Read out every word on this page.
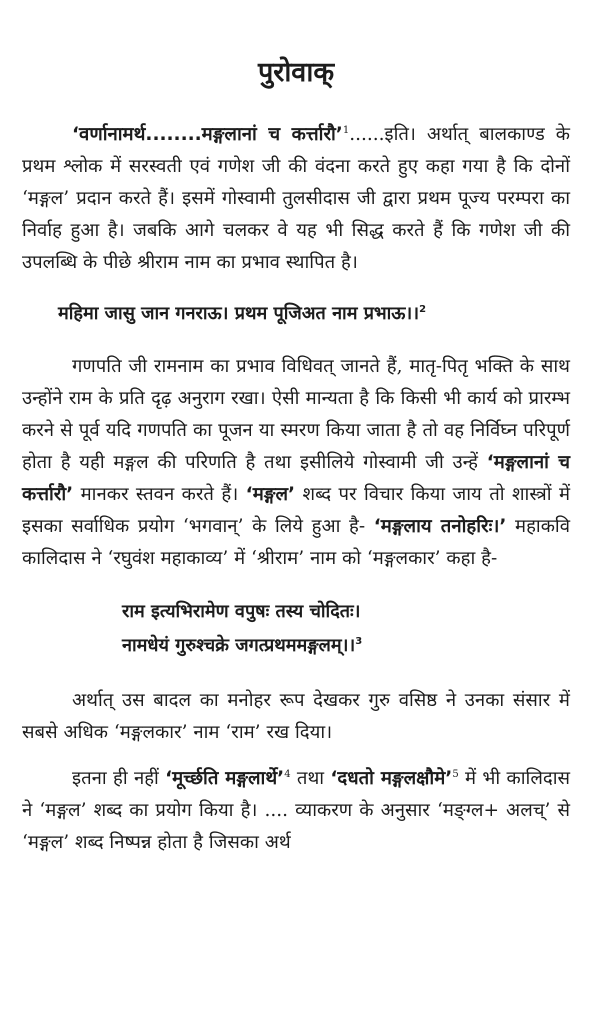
पुरोवाक्

‘वर्णानामर्थ........मङ्गलानां च कर्त्तारौ’$^1$......इति। अर्थात् बालकाण्ड के प्रथम श्लोक में सरस्वती एवं गणेश जी की वंदना करते हुए कहा गया है कि दोनों ‘मङ्गल’ प्रदान करते हैं। इसमें गोस्वामी तुलसीदास जी द्वारा प्रथम पूज्य परम्परा का निर्वाह हुआ है। जबकि आगे चलकर वे यह भी सिद्ध करते हैं कि गणेश जी की उपलब्धि के पीछे श्रीराम नाम का प्रभाव स्थापित है।

महिमा जासु जान गनराऊ। प्रथम पूजिअत नाम प्रभाऊ।।$^2$

गणपति जी रामनाम का प्रभाव विधिवत् जानते हैं, मातृ-पितृ भक्ति के साथ उन्होंने राम के प्रति दृढ़ अनुराग रखा। ऐसी मान्यता है कि किसी भी कार्य को प्रारम्भ करने से पूर्व यदि गणपति का पूजन या स्मरण किया जाता है तो वह निर्विघ्न परिपूर्ण होता है यही मङ्गल की परिणति है तथा इसीलिये गोस्वामी जी उन्हें ‘मङ्गलानां च कर्त्तारौ’ मानकर स्तवन करते हैं। ‘मङ्गल’ शब्द पर विचार किया जाय तो शास्त्रों में इसका सर्वाधिक प्रयोग ‘भगवान्’ के लिये हुआ है- ‘मङ्गलाय तनोहरिः।’ महाकवि कालिदास ने ‘रघुवंश महाकाव्य’ में ‘श्रीराम’ नाम को ‘मङ्गलकार’ कहा है-

राम इत्यभिरामेण वपुषः तस्य चोदितः।
नामधेयं गुरुश्चक्रे जगत्प्रथममङ्गलम्।।$^3$

अर्थात् उस बादल का मनोहर रूप देखकर गुरु वसिष्ठ ने उनका संसार में सबसे अधिक ‘मङ्गलकार’ नाम ‘राम’ रख दिया।

इतना ही नहीं ‘मूर्च्छति मङ्गलार्थे’$^4$ तथा ‘दधतो मङ्गलक्षौमे’$^5$ में भी कालिदास ने ‘मङ्गल’ शब्द का प्रयोग किया है। .... व्याकरण के अनुसार ‘मङ्ग्ल+ अलच्’ से ‘मङ्गल’ शब्द निष्पन्न होता है जिसका अर्थ
